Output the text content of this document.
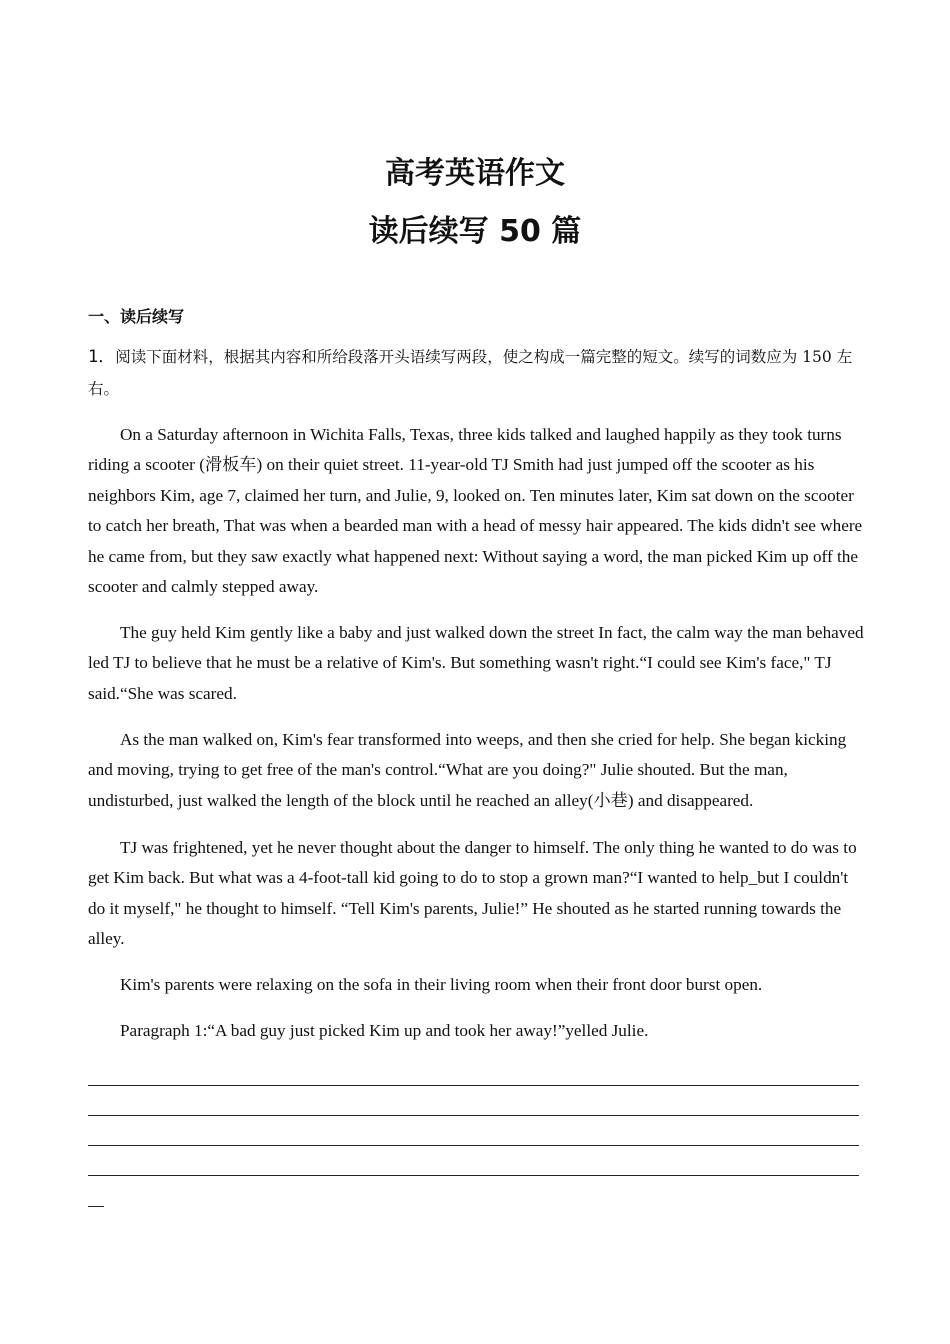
高考英语作文
读后续写 50 篇
一、读后续写
1．阅读下面材料，根据其内容和所给段落开头语续写两段，使之构成一篇完整的短文。续写的词数应为 150 左右。

On a Saturday afternoon in Wichita Falls, Texas, three kids talked and laughed happily as they took turns riding a scooter (滑板车) on their quiet street. 11-year-old TJ Smith had just jumped off the scooter as his neighbors Kim, age 7, claimed her turn, and Julie, 9, looked on. Ten minutes later, Kim sat down on the scooter to catch her breath, That was when a bearded man with a head of messy hair appeared. The kids didn't see where he came from, but they saw exactly what happened next: Without saying a word, the man picked Kim up off the scooter and calmly stepped away.

The guy held Kim gently like a baby and just walked down the street In fact, the calm way the man behaved led TJ to believe that he must be a relative of Kim's. But something wasn't right.“I could see Kim's face," TJ said.“She was scared.

As the man walked on, Kim's fear transformed into weeps, and then she cried for help. She began kicking and moving, trying to get free of the man's control.“What are you doing?" Julie shouted. But the man, undisturbed, just walked the length of the block until he reached an alley(小巷) and disappeared.

TJ was frightened, yet he never thought about the danger to himself. The only thing he wanted to do was to get Kim back. But what was a 4-foot-tall kid going to do to stop a grown man?“I wanted to help_but I couldn't do it myself," he thought to himself. “Tell Kim's parents, Julie!” He shouted as he started running towards the alley.

Kim's parents were relaxing on the sofa in their living room when their front door burst open.

Paragraph 1:“A bad guy just picked Kim up and took her away!”yelled Julie.
